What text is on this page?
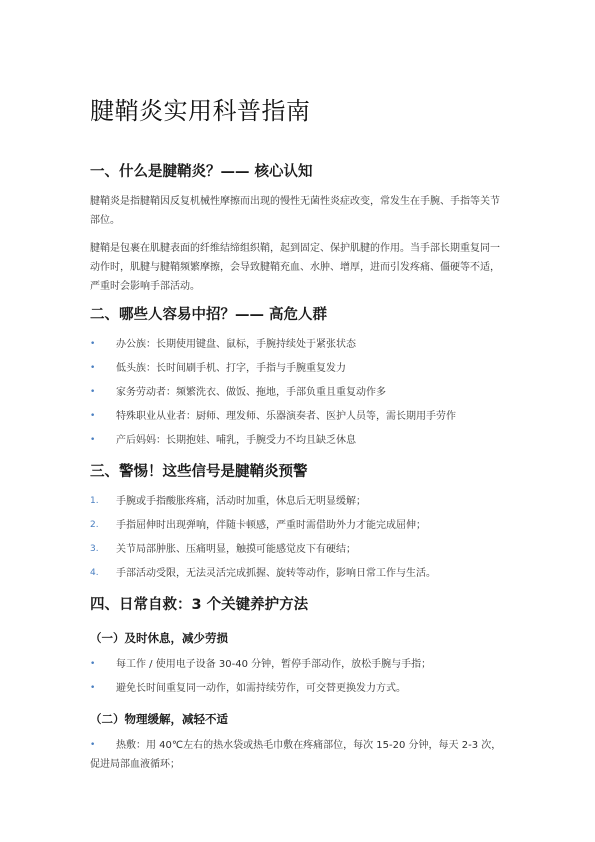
腱鞘炎实用科普指南
一、什么是腱鞘炎？—— 核心认知

腱鞘炎是指腱鞘因反复机械性摩擦而出现的慢性无菌性炎症改变，常发生在手腕、手指等关节部位。

腱鞘是包裹在肌腱表面的纤维结缔组织鞘，起到固定、保护肌腱的作用。当手部长期重复同一动作时，肌腱与腱鞘频繁摩擦，会导致腱鞘充血、水肿、增厚，进而引发疼痛、僵硬等不适，严重时会影响手部活动。

二、哪些人容易中招？—— 高危人群
• 办公族：长期使用键盘、鼠标，手腕持续处于紧张状态
• 低头族：长时间刷手机、打字，手指与手腕重复发力
• 家务劳动者：频繁洗衣、做饭、拖地，手部负重且重复动作多
• 特殊职业从业者：厨师、理发师、乐器演奏者、医护人员等，需长期用手劳作
• 产后妈妈：长期抱娃、哺乳，手腕受力不均且缺乏休息
三、警惕！这些信号是腱鞘炎预警
1. 手腕或手指酸胀疼痛，活动时加重，休息后无明显缓解；
2. 手指屈伸时出现弹响，伴随卡顿感，严重时需借助外力才能完成屈伸；
3. 关节局部肿胀、压痛明显，触摸可能感觉皮下有硬结；
4. 手部活动受限，无法灵活完成抓握、旋转等动作，影响日常工作与生活。
四、日常自救：3 个关键养护方法
（一）及时休息，减少劳损
• 每工作 / 使用电子设备 30-40 分钟，暂停手部动作，放松手腕与手指；
• 避免长时间重复同一动作，如需持续劳作，可交替更换发力方式。
（二）物理缓解，减轻不适
• 热敷：用 40℃左右的热水袋或热毛巾敷在疼痛部位，每次 15-20 分钟，每天 2-3 次，促进局部血液循环；
